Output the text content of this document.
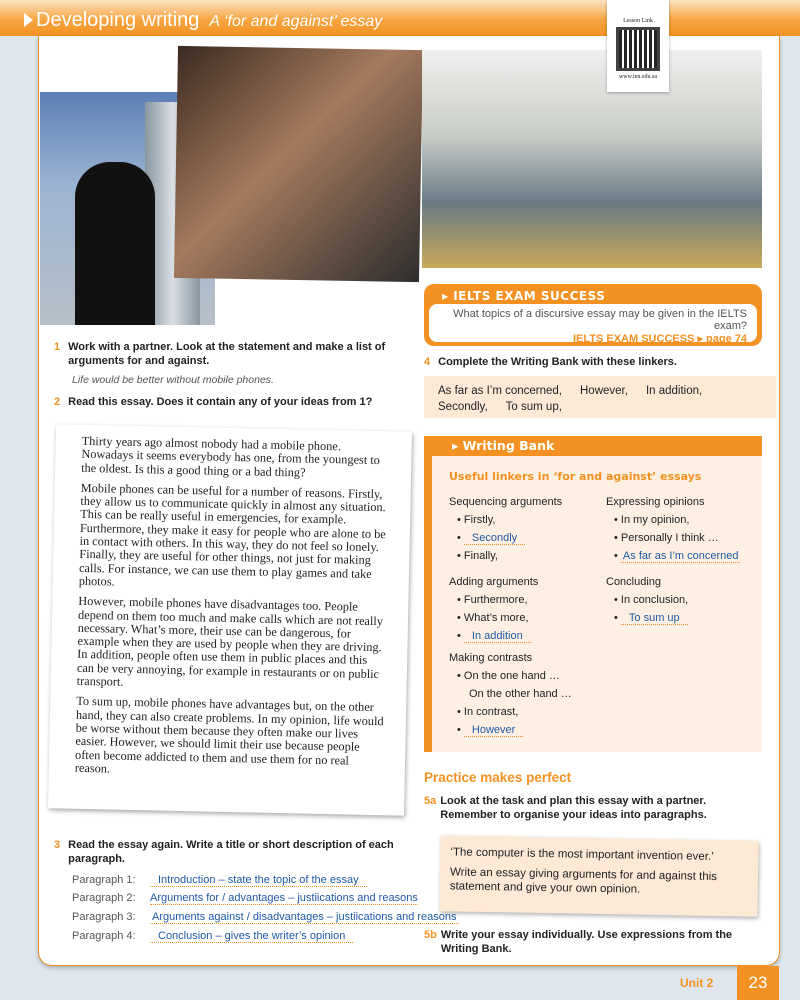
Developing writing A ‘for and against’ essay	Lesson Link
www.ien.edu.sa
1 Work with a partner. Look at the statement and make a list of arguments for and against.
Life would be better without mobile phones.
2 Read this essay. Does it contain any of your ideas from 1?

Thirty years ago almost nobody had a mobile phone. Nowadays it seems everybody has one, from the youngest to the oldest. Is this a good thing or a bad thing?

Mobile phones can be useful for a number of reasons. Firstly, they allow us to communicate quickly in almost any situation. This can be really useful in emergencies, for example. Furthermore, they make it easy for people who are alone to be in contact with others. In this way, they do not feel so lonely. Finally, they are useful for other things, not just for making calls. For instance, we can use them to play games and take photos.

However, mobile phones have disadvantages too. People depend on them too much and make calls which are not really necessary. What’s more, their use can be dangerous, for example when they are used by people when they are driving. In addition, people often use them in public places and this can be very annoying, for example in restaurants or on public transport.

To sum up, mobile phones have advantages but, on the other hand, they can also create problems. In my opinion, life would be worse without them because they often make our lives easier. However, we should limit their use because people often become addicted to them and use them for no real reason.

3 Read the essay again. Write a title or short description of each paragraph.
Paragraph 1: Introduction – state the topic of the essay
Paragraph 2: Arguments for / advantages – justiications and reasons
Paragraph 3: Arguments against / disadvantages – justiications and reasons
Paragraph 4: Conclusion – gives the writer’s opinion
▸ IELTS EXAM SUCCESS
What topics of a discursive essay may be given in the IELTS exam?
IELTS EXAM SUCCESS ▸ page 74
4 Complete the Writing Bank with these linkers.
As far as I’m concerned, However, In addition,
Secondly, To sum up,
▸ Writing Bank
Useful linkers in ‘for and against’ essays
Sequencing arguments
• Firstly,
• Secondly
• Finally,
Adding arguments
• Furthermore,
• What’s more,
• In addition
Making contrasts
• On the one hand …
On the other hand …
• In contrast,
• However
Expressing opinions
• In my opinion,
• Personally I think …
• As far as I’m concerned
Concluding
• In conclusion,
• To sum up
Practice makes perfect
5a Look at the task and plan this essay with a partner. Remember to organise your ideas into paragraphs.
‘The computer is the most important invention ever.’
Write an essay giving arguments for and against this statement and give your own opinion.
5b Write your essay individually. Use expressions from the Writing Bank.
Unit 2	23
